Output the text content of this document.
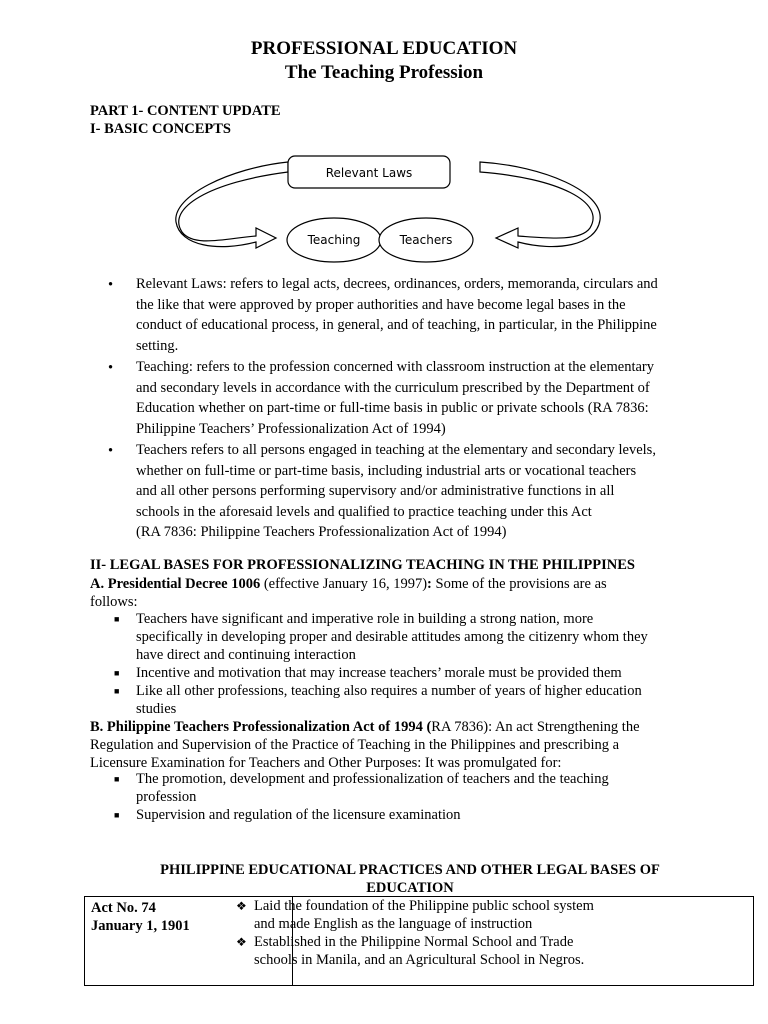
PROFESSIONAL EDUCATION
The Teaching Profession
PART 1- CONTENT UPDATE
I- BASIC CONCEPTS
Relevant Laws
Teaching	Teachers
• Relevant Laws: refers to legal acts, decrees, ordinances, orders, memoranda, circulars and
the like that were approved by proper authorities and have become legal bases in the
conduct of educational process, in general, and of teaching, in particular, in the Philippine
setting.
• Teaching: refers to the profession concerned with classroom instruction at the elementary
and secondary levels in accordance with the curriculum prescribed by the Department of
Education whether on part-time or full-time basis in public or private schools (RA 7836:
Philippine Teachers’ Professionalization Act of 1994)
• Teachers refers to all persons engaged in teaching at the elementary and secondary levels,
whether on full-time or part-time basis, including industrial arts or vocational teachers
and all other persons performing supervisory and/or administrative functions in all
schools in the aforesaid levels and qualified to practice teaching under this Act
(RA 7836: Philippine Teachers Professionalization Act of 1994)
II- LEGAL BASES FOR PROFESSIONALIZING TEACHING IN THE PHILIPPINES
A. Presidential Decree 1006 (effective January 16, 1997): Some of the provisions are as
follows:
■ Teachers have significant and imperative role in building a strong nation, more
specifically in developing proper and desirable attitudes among the citizenry whom they
have direct and continuing interaction
■ Incentive and motivation that may increase teachers’ morale must be provided them
■ Like all other professions, teaching also requires a number of years of higher education
studies
B. Philippine Teachers Professionalization Act of 1994 (RA 7836): An act Strengthening the
Regulation and Supervision of the Practice of Teaching in the Philippines and prescribing a
Licensure Examination for Teachers and Other Purposes: It was promulgated for:
■ The promotion, development and professionalization of teachers and the teaching
profession
■ Supervision and regulation of the licensure examination
PHILIPPINE EDUCATIONAL PRACTICES AND OTHER LEGAL BASES OF
EDUCATION
Act No. 74
January 1, 1901
❖ Laid the foundation of the Philippine public school system
and made English as the language of instruction
❖ Established in the Philippine Normal School and Trade
schools in Manila, and an Agricultural School in Negros.
